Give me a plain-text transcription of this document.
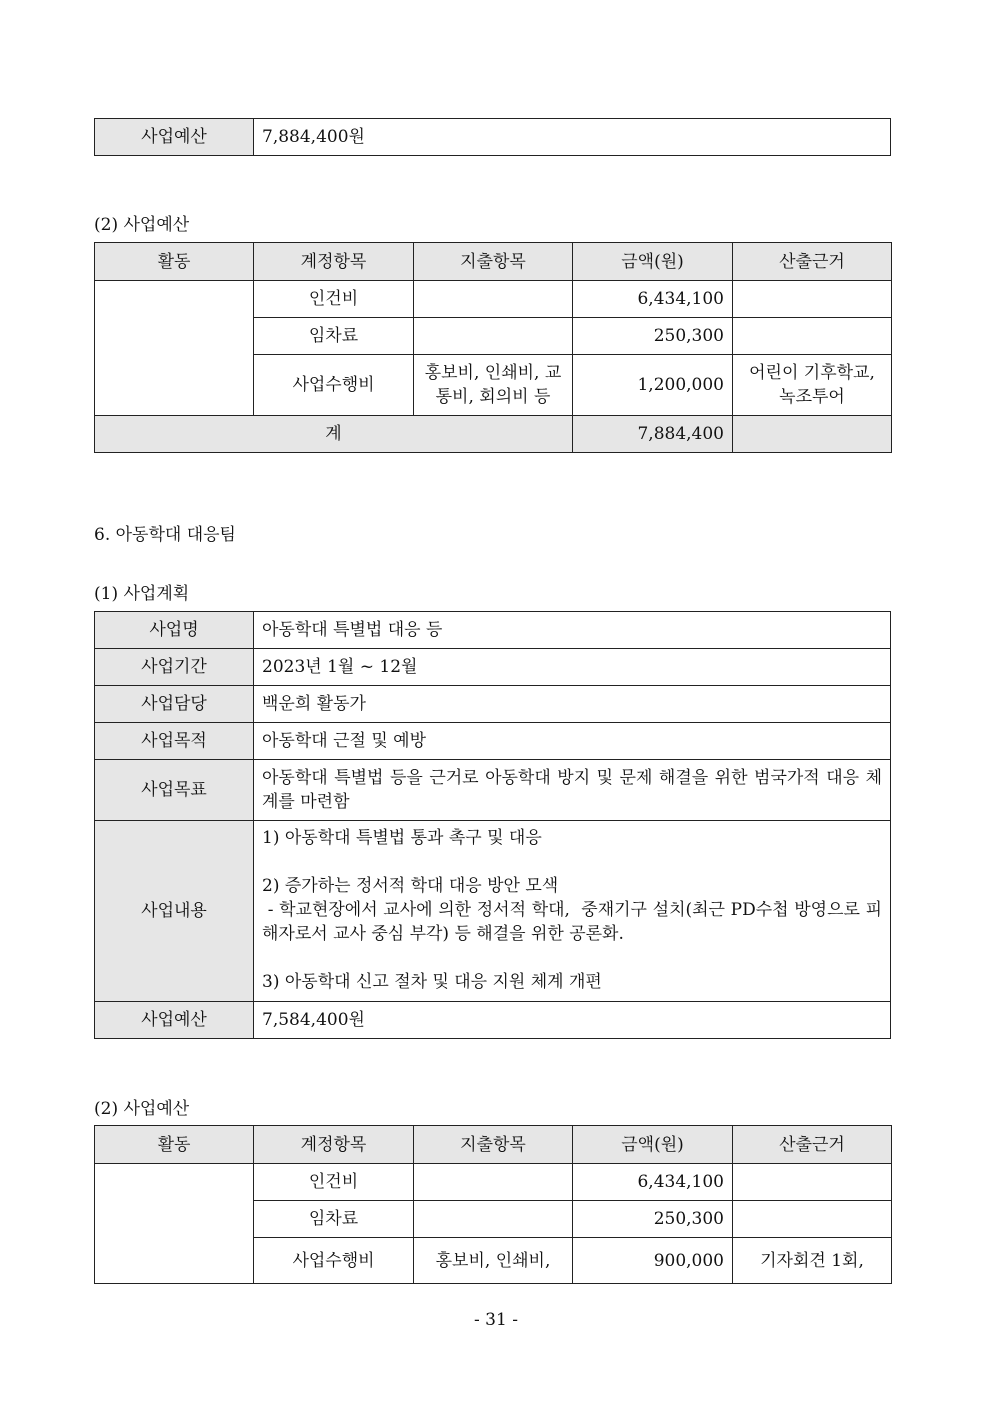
사업예산	7,884,400원
(2) 사업예산
활동	계정항목	지출항목	금액(원)	산출근거
	인건비		6,434,100	
	임차료		250,300	
	사업수행비	홍보비, 인쇄비, 교통비, 회의비 등	1,200,000	어린이 기후학교, 녹조투어
계			7,884,400	
6. 아동학대 대응팀
(1) 사업계획
사업명	아동학대 특별법 대응 등
사업기간	2023년 1월 ~ 12월
사업담당	백운희 활동가
사업목적	아동학대 근절 및 예방
사업목표	아동학대 특별법 등을 근거로 아동학대 방지 및 문제 해결을 위한 범국가적 대응 체계를 마련함
사업내용	1) 아동학대 특별법 통과 촉구 및 대응
2) 증가하는 정서적 학대 대응 방안 모색
- 학교현장에서 교사에 의한 정서적 학대,  중재기구 설치(최근 PD수첩 방영으로 피해자로서 교사 중심 부각) 등 해결을 위한 공론화.
3) 아동학대 신고 절차 및 대응 지원 체계 개편

사업예산	7,584,400원
(2) 사업예산
활동	계정항목	지출항목	금액(원)	산출근거
	인건비		6,434,100	
	임차료		250,300	
	사업수행비	홍보비, 인쇄비,	900,000	기자회견 1회,
- 31 -
